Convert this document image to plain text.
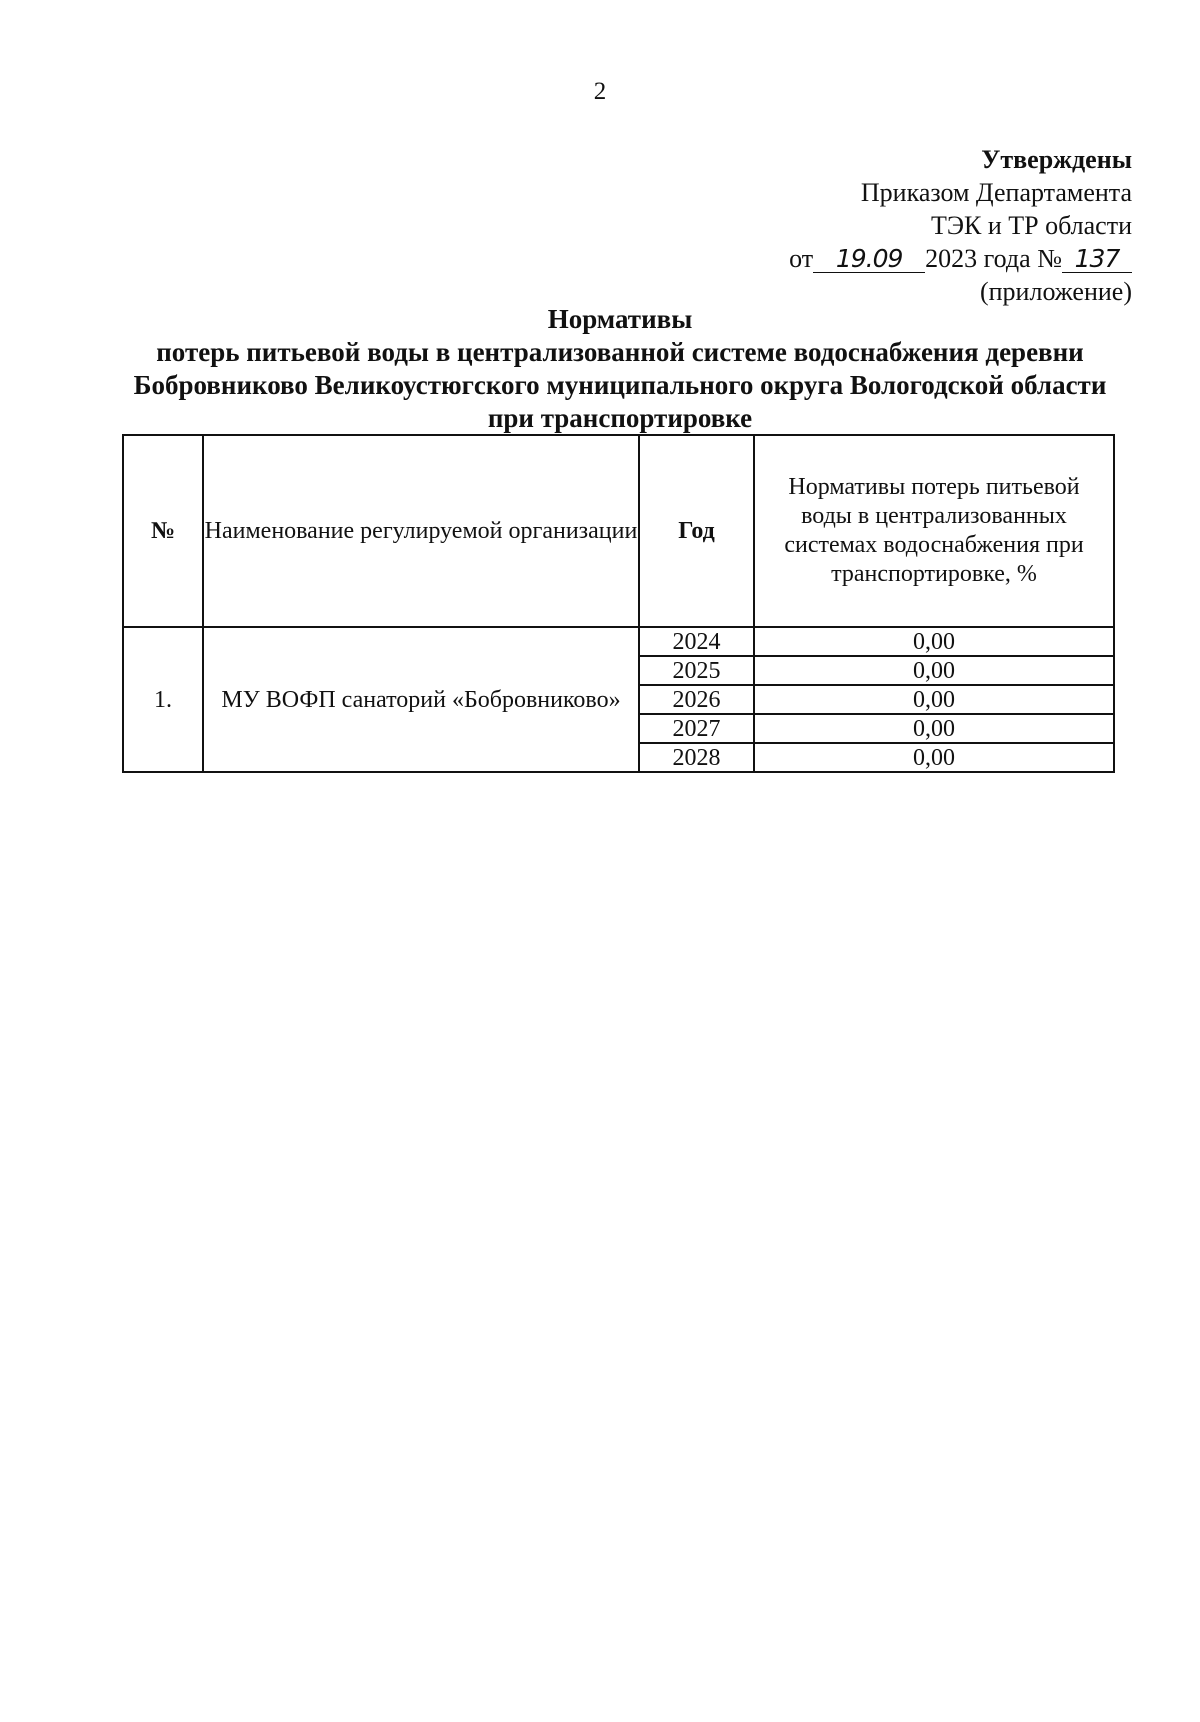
2
Утверждены
Приказом Департамента
ТЭК и ТР области
от 19.09 2023 года № 137
(приложение)
Нормативы
потерь питьевой воды в централизованной системе водоснабжения деревни Бобровниково Великоустюгского муниципального округа Вологодской области при транспортировке
№	Наименование регулируемой организации	Год	Нормативы потерь питьевой воды в централизованных системах водоснабжения при транспортировке, %
1.	МУ ВОФП санаторий «Бобровниково»	2024	0,00
		2025	0,00
		2026	0,00
		2027	0,00
		2028	0,00
